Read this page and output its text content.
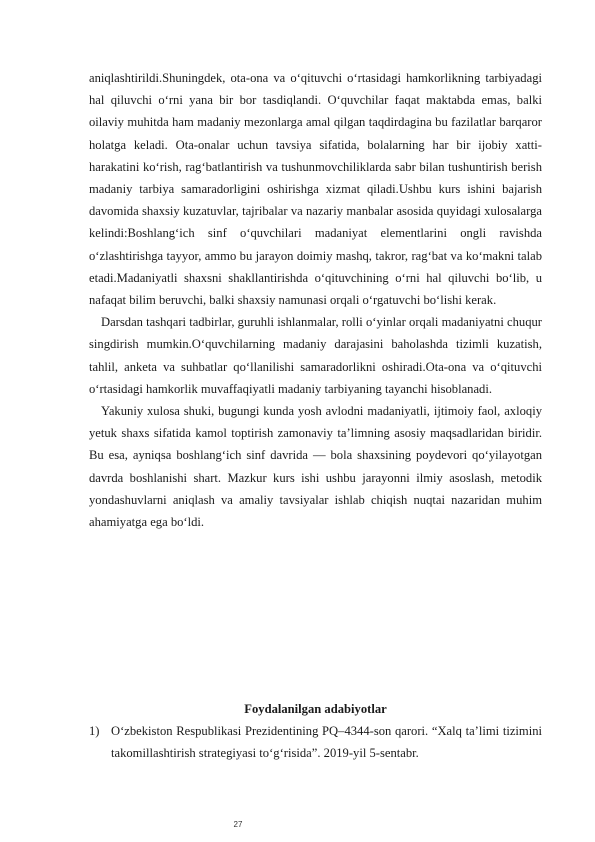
aniqlashtirildi.Shuningdek, ota-ona va o‘qituvchi o‘rtasidagi hamkorlikning tarbiyadagi hal qiluvchi o‘rni yana bir bor tasdiqlandi. O‘quvchilar faqat maktabda emas, balki oilaviy muhitda ham madaniy mezonlarga amal qilgan taqdirdagina bu fazilatlar barqaror holatga keladi. Ota-onalar uchun tavsiya sifatida, bolalarning har bir ijobiy xatti-harakatini ko‘rish, rag‘batlantirish va tushunmovchiliklarda sabr bilan tushuntirish berish madaniy tarbiya samaradorligini oshirishga xizmat qiladi.Ushbu kurs ishini bajarish davomida shaxsiy kuzatuvlar, tajribalar va nazariy manbalar asosida quyidagi xulosalarga kelindi:Boshlang‘ich sinf o‘quvchilari madaniyat elementlarini ongli ravishda o‘zlashtirishga tayyor, ammo bu jarayon doimiy mashq, takror, rag‘bat va ko‘makni talab etadi.Madaniyatli shaxsni shakllantirishda o‘qituvchining o‘rni hal qiluvchi bo‘lib, u nafaqat bilim beruvchi, balki shaxsiy namunasi orqali o‘rgatuvchi bo‘lishi kerak.

Darsdan tashqari tadbirlar, guruhli ishlanmalar, rolli o‘yinlar orqali madaniyatni chuqur singdirish mumkin.O‘quvchilarning madaniy darajasini baholashda tizimli kuzatish, tahlil, anketa va suhbatlar qo‘llanilishi samaradorlikni oshiradi.Ota-ona va o‘qituvchi o‘rtasidagi hamkorlik muvaffaqiyatli madaniy tarbiyaning tayanchi hisoblanadi.

Yakuniy xulosa shuki, bugungi kunda yosh avlodni madaniyatli, ijtimoiy faol, axloqiy yetuk shaxs sifatida kamol toptirish zamonaviy ta’limning asosiy maqsadlaridan biridir. Bu esa, ayniqsa boshlang‘ich sinf davrida — bola shaxsining poydevori qo‘yilayotgan davrda boshlanishi shart. Mazkur kurs ishi ushbu jarayonni ilmiy asoslash, metodik yondashuvlarni aniqlash va amaliy tavsiyalar ishlab chiqish nuqtai nazaridan muhim ahamiyatga ega bo‘ldi.

Foydalanilgan adabiyotlar
1) O‘zbekiston Respublikasi Prezidentining PQ–4344-son qarori. “Xalq ta’limi tizimini takomillashtirish strategiyasi to‘g‘risida”. 2019-yil 5-sentabr.
27
